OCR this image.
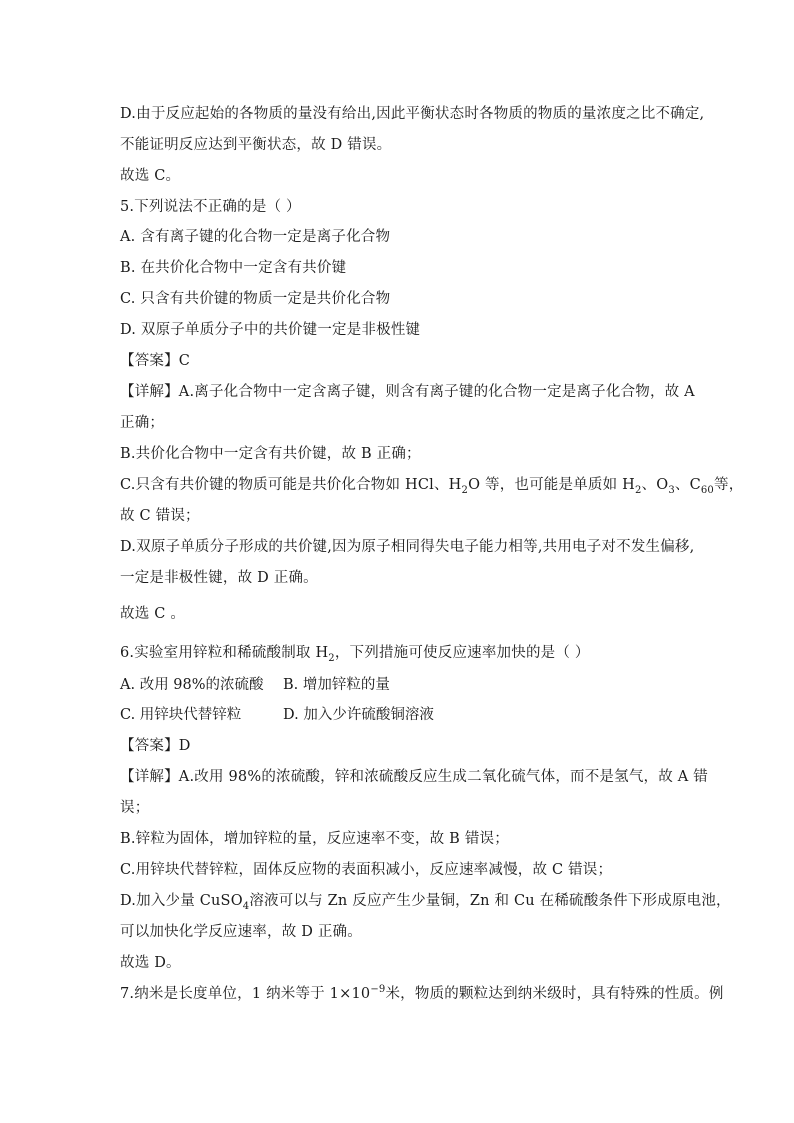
D.由于反应起始的各物质的量没有给出,因此平衡状态时各物质的物质的量浓度之比不确定,
不能证明反应达到平衡状态，故 D 错误。
故选 C。
5.下列说法不正确的是（ ）
A. 含有离子键的化合物一定是离子化合物
B. 在共价化合物中一定含有共价键
C. 只含有共价键的物质一定是共价化合物
D. 双原子单质分子中的共价键一定是非极性键
【答案】C
【详解】A.离子化合物中一定含离子键，则含有离子键的化合物一定是离子化合物，故 A
正确；
B.共价化合物中一定含有共价键，故 B 正确；
C.只含有共价键的物质可能是共价化合物如 HCl、$H_2O$ 等，也可能是单质如 $H_2$、$O_3$、$C_{60}$等，
故 C 错误；
D.双原子单质分子形成的共价键,因为原子相同得失电子能力相等,共用电子对不发生偏移,
一定是非极性键，故 D 正确。
故选 C 。
6.实验室用锌粒和稀硫酸制取 $H_2$，下列措施可使反应速率加快的是（ ）
A. 改用 98%的浓硫酸 B. 增加锌粒的量
C. 用锌块代替锌粒	D. 加入少许硫酸铜溶液
【答案】D
【详解】A.改用 98%的浓硫酸，锌和浓硫酸反应生成二氧化硫气体，而不是氢气，故 A 错
误；
B.锌粒为固体，增加锌粒的量，反应速率不变，故 B 错误；
C.用锌块代替锌粒，固体反应物的表面积减小，反应速率减慢，故 C 错误；
D.加入少量 CuSO$_4$溶液可以与 Zn 反应产生少量铜，Zn 和 Cu 在稀硫酸条件下形成原电池，
可以加快化学反应速率，故 D 正确。
故选 D。
7.纳米是长度单位，1 纳米等于 $1\times 10^{-9}$米，物质的颗粒达到纳米级时，具有特殊的性质。例
